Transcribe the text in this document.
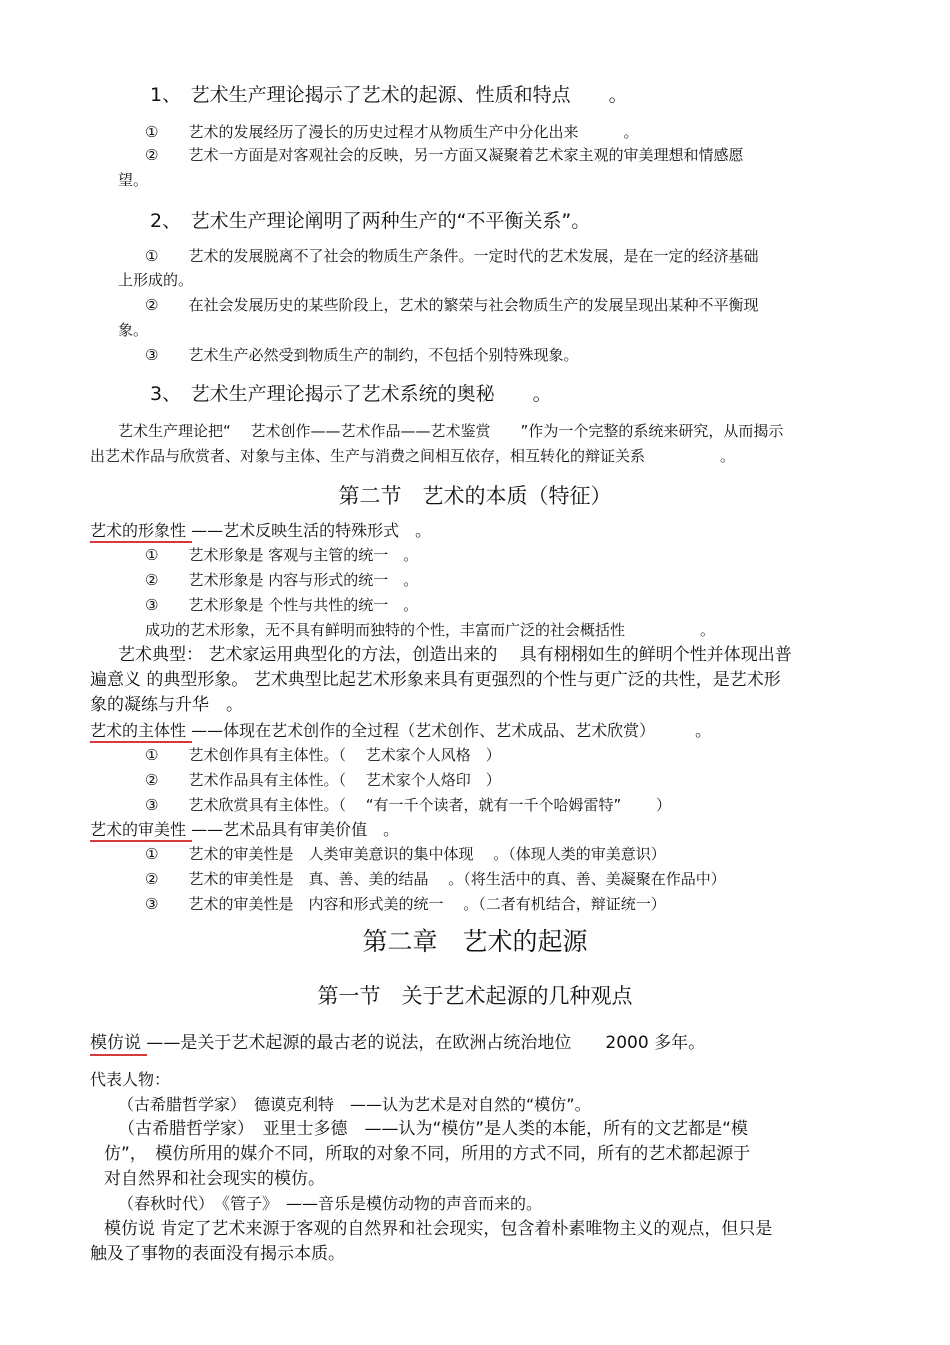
1、　艺术生产理论揭示了艺术的起源、性质和特点　　。
①　　艺术的发展经历了漫长的历史过程才从物质生产中分化出来　　　。
②　　艺术一方面是对客观社会的反映，另一方面又凝聚着艺术家主观的审美理想和情感愿
望。
2、　艺术生产理论阐明了两种生产的“不平衡关系”。
①　　艺术的发展脱离不了社会的物质生产条件。一定时代的艺术发展，是在一定的经济基础
上形成的。
②　　在社会发展历史的某些阶段上，艺术的繁荣与社会物质生产的发展呈现出某种不平衡现
象。
③　　艺术生产必然受到物质生产的制约，不包括个别特殊现象。
3、　艺术生产理论揭示了艺术系统的奥秘　　。
艺术生产理论把“　 艺术创作——艺术作品——艺术鉴赏　　”作为一个完整的系统来研究，从而揭示
出艺术作品与欣赏者、对象与主体、生产与消费之间相互依存，相互转化的辩证关系　　　　　。
第二节　艺术的本质（特征）
艺术的形象性 ——艺术反映生活的特殊形式　。
①　　艺术形象是 客观与主管的统一　。
②　　艺术形象是 内容与形式的统一　。
③　　艺术形象是 个性与共性的统一　。
成功的艺术形象，无不具有鲜明而独特的个性，丰富而广泛的社会概括性　　　　　。
艺术典型： 艺术家运用典型化的方法，创造出来的　 具有栩栩如生的鲜明个性并体现出普
遍意义 的典型形象。 艺术典型比起艺术形象来具有更强烈的个性与更广泛的共性，是艺术形
象的凝练与升华　。
艺术的主体性 ——体现在艺术创作的全过程（艺术创作、艺术成品、艺术欣赏）　　　。
①　　艺术创作具有主体性。（　 艺术家个人风格　）
②　　艺术作品具有主体性。（　 艺术家个人烙印　）
③　　艺术欣赏具有主体性。（　 “有一千个读者，就有一千个哈姆雷特”　　 ）
艺术的审美性 ——艺术品具有审美价值　。
①　　艺术的审美性是　人类审美意识的集中体现　 。（体现人类的审美意识）
②　　艺术的审美性是　真、善、美的结晶　 。（将生活中的真、善、美凝聚在作品中）
③　　艺术的审美性是　内容和形式美的统一　 。（二者有机结合，辩证统一）
第二章　艺术的起源
第一节　关于艺术起源的几种观点
模仿说 ——是关于艺术起源的最古老的说法，在欧洲占统治地位　　2000 多年。
代表人物：
（古希腊哲学家）　德谟克利特　——认为艺术是对自然的“模仿”。
（古希腊哲学家）　亚里士多德　——认为“模仿”是人类的本能，所有的文艺都是“模
仿”，　模仿所用的媒介不同，所取的对象不同，所用的方式不同，所有的艺术都起源于
对自然界和社会现实的模仿。
（春秋时代）　《管子》　——音乐是模仿动物的声音而来的。
模仿说 肯定了艺术来源于客观的自然界和社会现实，包含着朴素唯物主义的观点，但只是
触及了事物的表面没有揭示本质。
